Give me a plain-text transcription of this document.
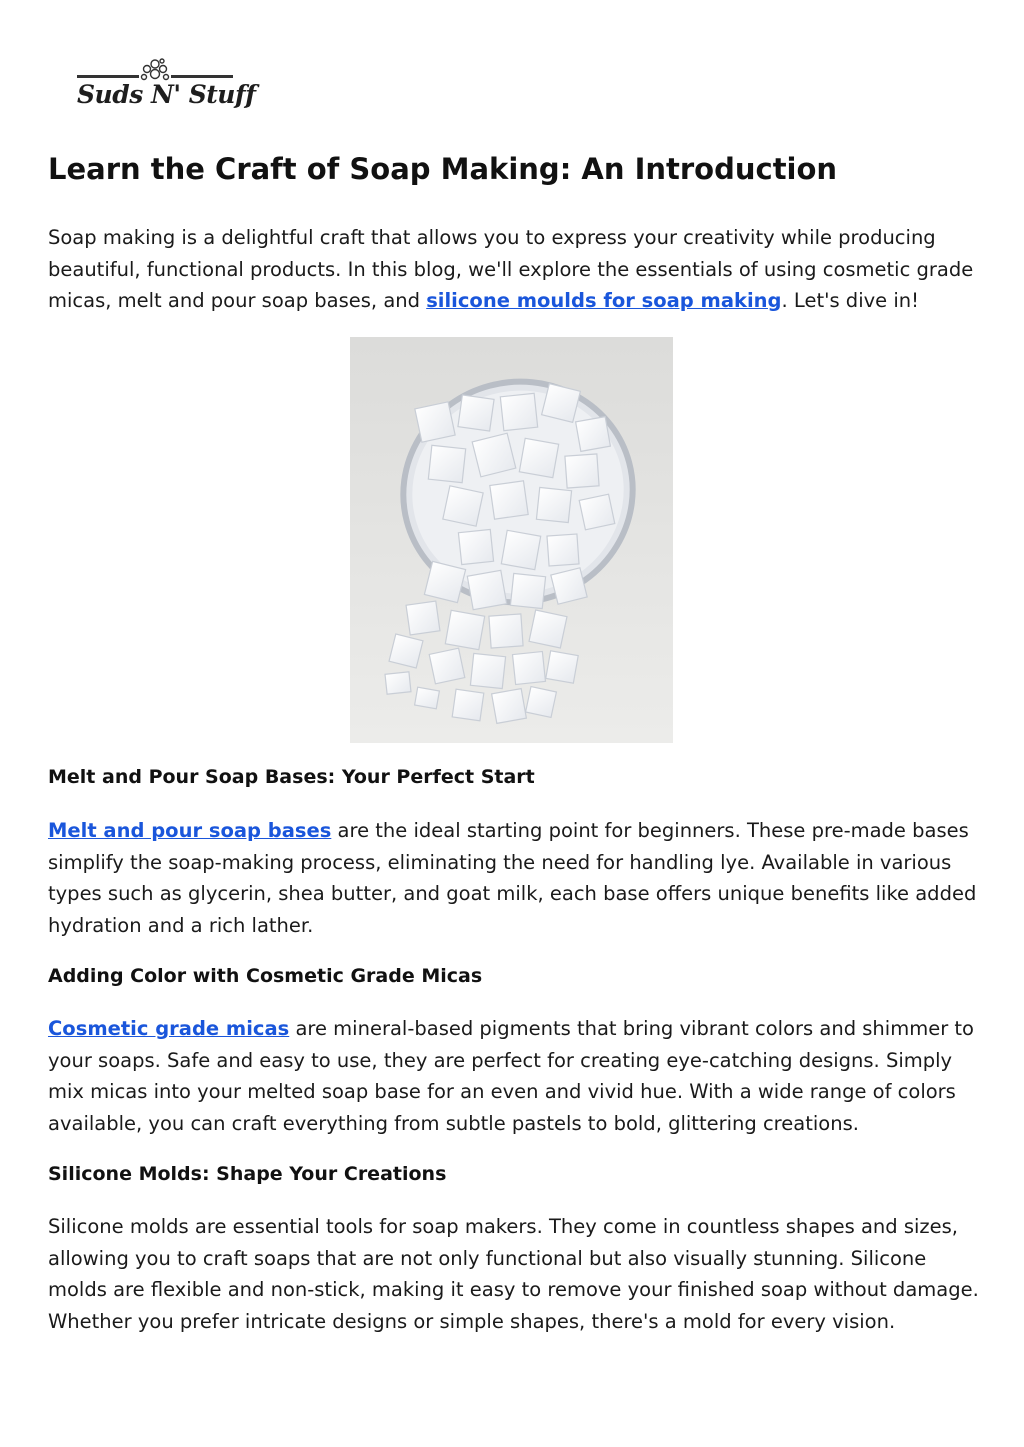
Suds N' Stuff
Learn the Craft of Soap Making: An Introduction

Soap making is a delightful craft that allows you to express your creativity while producing beautiful, functional products. In this blog, we'll explore the essentials of using cosmetic grade micas, melt and pour soap bases, and silicone moulds for soap making. Let's dive in!

Melt and Pour Soap Bases: Your Perfect Start

Melt and pour soap bases are the ideal starting point for beginners. These pre-made bases simplify the soap-making process, eliminating the need for handling lye. Available in various types such as glycerin, shea butter, and goat milk, each base offers unique benefits like added hydration and a rich lather.

Adding Color with Cosmetic Grade Micas

Cosmetic grade micas are mineral-based pigments that bring vibrant colors and shimmer to your soaps. Safe and easy to use, they are perfect for creating eye-catching designs. Simply mix micas into your melted soap base for an even and vivid hue. With a wide range of colors available, you can craft everything from subtle pastels to bold, glittering creations.

Silicone Molds: Shape Your Creations

Silicone molds are essential tools for soap makers. They come in countless shapes and sizes, allowing you to craft soaps that are not only functional but also visually stunning. Silicone molds are flexible and non-stick, making it easy to remove your finished soap without damage. Whether you prefer intricate designs or simple shapes, there's a mold for every vision.
